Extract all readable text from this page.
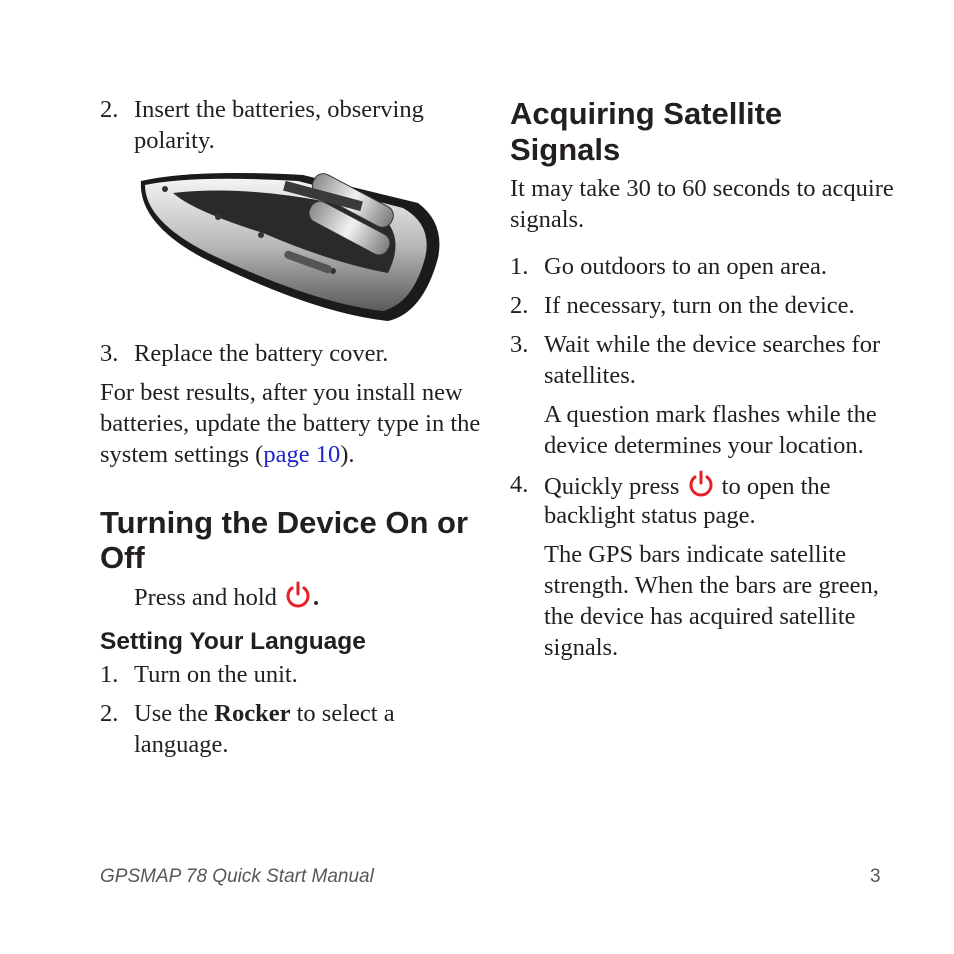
2. Insert the batteries, observing

polarity.

3. Replace the battery cover.

For best results, after you install new

batteries, update the battery type in the

system settings (page 10).

Turning the Device On or
Off

Press and hold .

Setting Your Language
1. Turn on the unit.

2. Use the Rocker to select a

language.

Acquiring Satellite
Signals

It may take 30 to 60 seconds to acquire

signals.

1. Go outdoors to an open area.

2. If necessary, turn on the device.

3. Wait while the device searches for

satellites.

A question mark flashes while the

device determines your location.

4. Quickly press to open the

backlight status page.

The GPS bars indicate satellite

strength. When the bars are green,

the device has acquired satellite

signals.

GPSMAP 78 Quick Start Manual	3
